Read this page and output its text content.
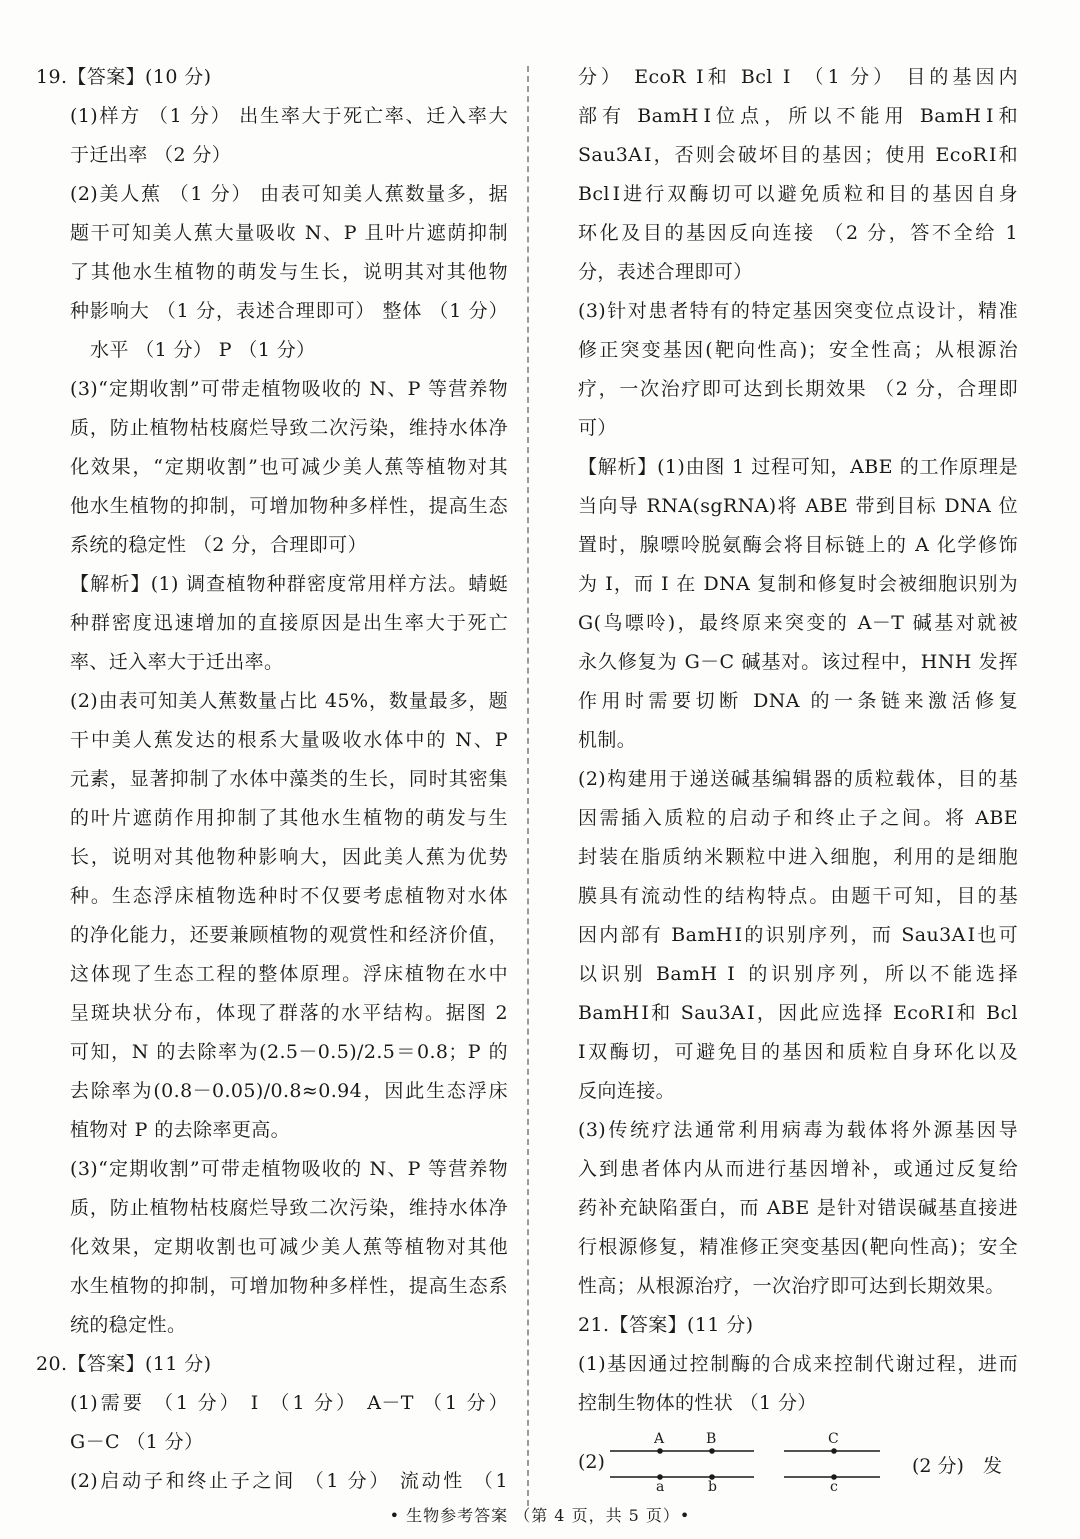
19.【答案】(10 分)
(1)样方 （1 分） 出生率大于死亡率、迁入率大
于迁出率 （2 分）
(2)美人蕉 （1 分） 由表可知美人蕉数量多，据
题干可知美人蕉大量吸收 N、P 且叶片遮荫抑制
了其他水生植物的萌发与生长，说明其对其他物
种影响大 （1 分，表述合理即可） 整体 （1 分）
水平 （1 分） P （1 分）
(3)“定期收割”可带走植物吸收的 N、P 等营养物
质，防止植物枯枝腐烂导致二次污染，维持水体净
化效果，“定期收割”也可减少美人蕉等植物对其
他水生植物的抑制，可增加物种多样性，提高生态
系统的稳定性 （2 分，合理即可）
【解析】(1) 调查植物种群密度常用样方法。蜻蜓
种群密度迅速增加的直接原因是出生率大于死亡
率、迁入率大于迁出率。
(2)由表可知美人蕉数量占比 45%，数量最多，题
干中美人蕉发达的根系大量吸收水体中的 N、P
元素，显著抑制了水体中藻类的生长，同时其密集
的叶片遮荫作用抑制了其他水生植物的萌发与生
长，说明对其他物种影响大，因此美人蕉为优势
种。生态浮床植物选种时不仅要考虑植物对水体
的净化能力，还要兼顾植物的观赏性和经济价值，
这体现了生态工程的整体原理。浮床植物在水中
呈斑块状分布，体现了群落的水平结构。据图 2
可知，N 的去除率为(2.5－0.5)/2.5＝0.8；P 的
去除率为(0.8－0.05)/0.8≈0.94，因此生态浮床
植物对 P 的去除率更高。
(3)“定期收割”可带走植物吸收的 N、P 等营养物
质，防止植物枯枝腐烂导致二次污染，维持水体净
化效果，定期收割也可减少美人蕉等植物对其他
水生植物的抑制，可增加物种多样性，提高生态系
统的稳定性。
20.【答案】(11 分)
(1)需要 （1 分） Ⅰ （1 分） A－T （1 分）
G－C （1 分）
(2)启动子和终止子之间 （1 分） 流动性 （1
分） EcoR Ⅰ和 Bcl Ⅰ （1 分） 目的基因内
部有 BamHⅠ位点，所以不能用 BamHⅠ和
Sau3AⅠ，否则会破坏目的基因；使用 EcoRⅠ和
BclⅠ进行双酶切可以避免质粒和目的基因自身
环化及目的基因反向连接 （2 分，答不全给 1
分，表述合理即可）
(3)针对患者特有的特定基因突变位点设计，精准
修正突变基因(靶向性高)；安全性高；从根源治
疗，一次治疗即可达到长期效果 （2 分，合理即
可）
【解析】(1)由图 1 过程可知，ABE 的工作原理是
当向导 RNA(sgRNA)将 ABE 带到目标 DNA 位
置时，腺嘌呤脱氨酶会将目标链上的 A 化学修饰
为 I，而 I 在 DNA 复制和修复时会被细胞识别为
G(鸟嘌呤)，最终原来突变的 A－T 碱基对就被
永久修复为 G－C 碱基对。该过程中，HNH 发挥
作用时需要切断 DNA 的一条链来激活修复
机制。
(2)构建用于递送碱基编辑器的质粒载体，目的基
因需插入质粒的启动子和终止子之间。将 ABE
封装在脂质纳米颗粒中进入细胞，利用的是细胞
膜具有流动性的结构特点。由题干可知，目的基
因内部有 BamHⅠ的识别序列，而 Sau3AⅠ也可
以识别 BamH Ⅰ 的识别序列，所以不能选择
BamHⅠ和 Sau3AⅠ，因此应选择 EcoRⅠ和 Bcl
Ⅰ双酶切，可避免目的基因和质粒自身环化以及
反向连接。
(3)传统疗法通常利用病毒为载体将外源基因导
入到患者体内从而进行基因增补，或通过反复给
药补充缺陷蛋白，而 ABE 是针对错误碱基直接进
行根源修复，精准修正突变基因(靶向性高)；安全
性高；从根源治疗，一次治疗即可达到长期效果。
21.【答案】(11 分)
(1)基因通过控制酶的合成来控制代谢过程，进而
控制生物体的性状 （1 分）
A	B	C
a	b	c
(2)	(2 分)　发
• 生物参考答案 （第 4 页，共 5 页）•
